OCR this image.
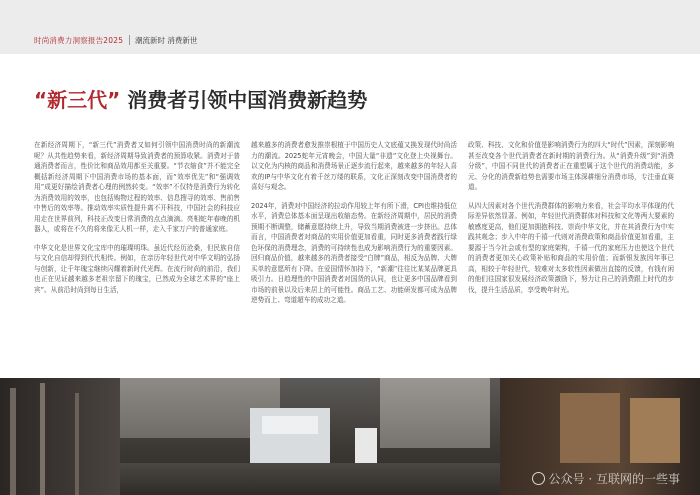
时尚消费力洞察报告2025 潮流新时 消费新世
“新三代” 消费者引领中国消费新趋势

在新经济周期下，“新三代”消费者又如何引领中国消费时尚的新潮流呢？从共性趋势来看，新经济周期导致消费者的预算收紧。消费对于普通消费者而言，性价比和商品效用都至关重要。“节衣缩食”并不能完全概括新经济周期下中国消费市场的基本面，而“效率优先”和“强调效用”成更好描绘消费者心理的例然转变。“效率”不仅特是消费行为转化为消费效用的效率，也包括购物过程的效率、信息搜寻的效率、售前售中售后的效率等。推动效率实质性提升离不开科技，中国社会的科技应用走在世界前列，科技正改变日常消费的点点滴滴。亮相蛇年春晚的机器人，或将在不久的将来像无人机一样，走入千家万户的普通家庭。

中华文化是世界文化宝库中的璀璨明珠。虽近代经历沧桑，但民族自信与文化自信却得到代代相传。例如，在亲历年轻世代对中华文明的弘扬与创新，让千年瑰宝继续闪耀着新时代光辉。在流行时尚的前沿，我们也正在见证越来越多老祖宗留下的瑰宝，已然成为全球艺术界的“座上宾”。从前沿时尚到每日生活，

越来越多的消费者愈发推崇根植于中国历史人文底蕴又换发现代时尚活力的潮流。2025蛇年元宵晚会，中国大量“非遗”文化登上央视舞台。以文化为内核的商品和消费场景正逐步流行起来，越来越多的年轻人喜欢的IP与中华文化有着千丝万缕的联系，文化正深刻改变中国消费者的喜好与观念。

2024年，消费对中国经济的拉动作用较上年有所下滑，CPI也维持低位水平，消费总体基本面呈现出收缩态势。在新经济周期中，居民的消费预期不断调整，储蓄意愿持续上升，导致当期消费被进一步挤出。总体而言，中国消费者对商品的实用价值更加看重，同时更多消费者践行绿色环保的消费理念，消费的可持续性也成为影响消费行为的重要因素。回归商品价值，越来越多的消费者接受“白牌”商品，相反为品牌、大牌买单的意愿所有下降。在爱国情怀加持下，“新潮”往往比某某品牌更具吸引力。日趋理性的中国消费者对国货的认同，也让更多中国品牌看到市场的前景以及后来居上的可能性。商品工艺、功能研发都可成为品牌逆势而上、弯道超车的成功之道。

政策、科技、文化和价值是影响消费行为的四大“时代”因素，深刻影响甚至改变各个世代消费者在新时期的消费行为。从“消费升级”到“消费分级”，中国不同世代的消费者正在重塑属于这个世代的消费动能，多元、分化的消费新趋势也需要市场主体深耕细分消费市场，专注垂直赛道。

从四大因素对各个世代消费群体的影响力来看，社会平均水平体现的代际差异依然显著。例如，年轻世代消费群体对科技和文化等两大要素的敏感度更高，他们更加拥抱科技、崇尚中华文化，并在其消费行为中实践其观念；步入中年的千禧一代则对消费政策和商品价值更加看重，主要源于当今社会或有型的家庭架构，千禧一代的家庭压力也使这个世代的消费者更加关心政策补贴和商品的实用价值；而新银发族因年事已高，相较于年轻世代，较难对太多软性因素做出直接的反馈，有钱有闲的他们往国家很发展经济政策激励下，努力让自己的消费跟上时代的步伐，提升生活品质，享受晚年时光。

公众号 · 互联网的一些事
